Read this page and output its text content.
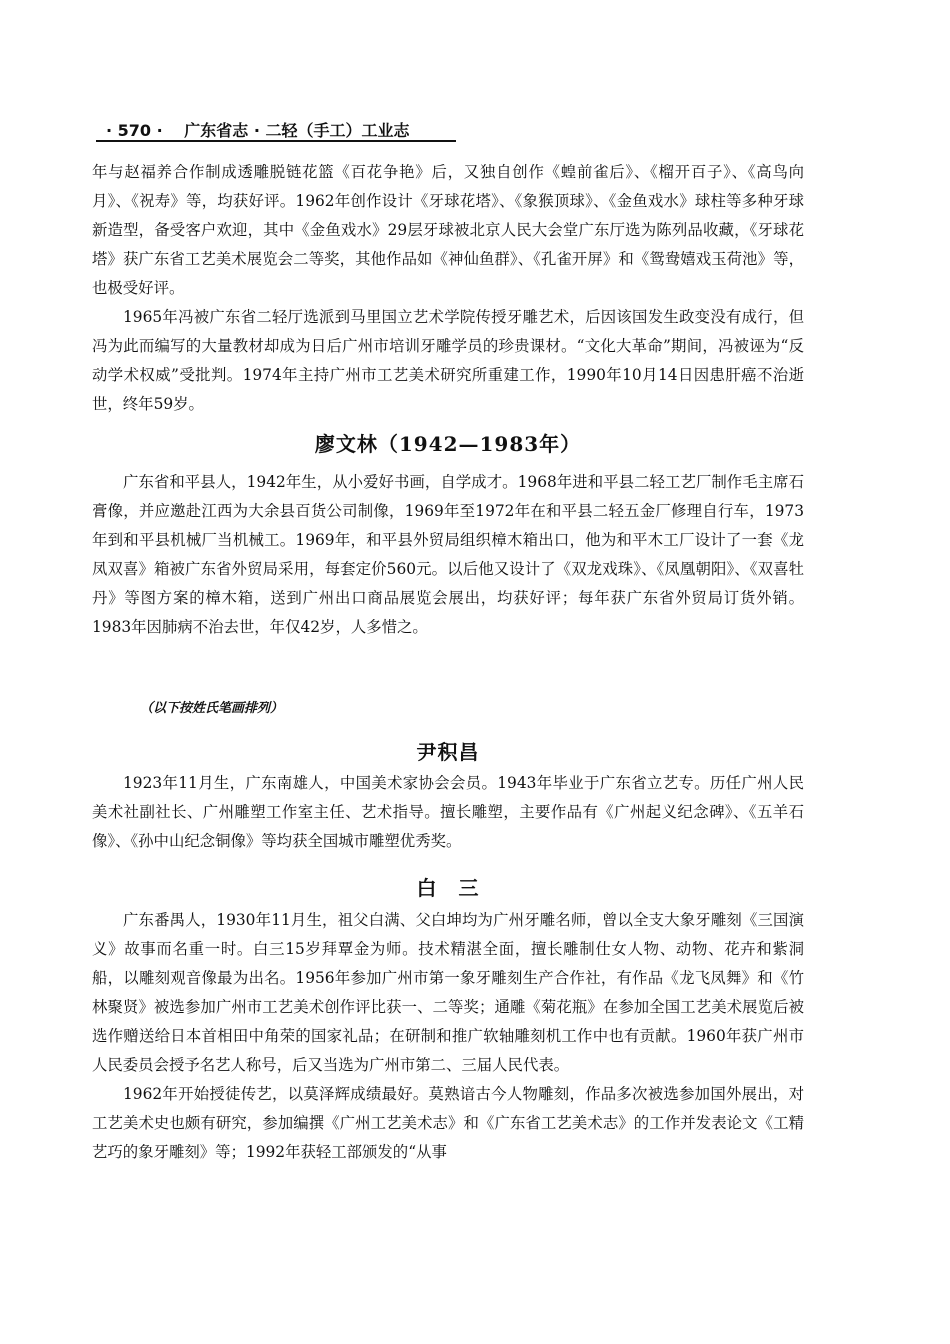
· 570 · 广东省志 · 二轻（手工）工业志

年与赵福养合作制成透雕脱链花篮《百花争艳》后，又独自创作《蝗前雀后》、《榴开百子》、《高鸟向月》、《祝寿》等，均获好评。1962年创作设计《牙球花塔》、《象猴顶球》、《金鱼戏水》球柱等多种牙球新造型，备受客户欢迎，其中《金鱼戏水》29层牙球被北京人民大会堂广东厅选为陈列品收藏，《牙球花塔》获广东省工艺美术展览会二等奖，其他作品如《神仙鱼群》、《孔雀开屏》和《鸳鸯嬉戏玉荷池》等，也极受好评。

1965年冯被广东省二轻厅选派到马里国立艺术学院传授牙雕艺术，后因该国发生政变没有成行，但冯为此而编写的大量教材却成为日后广州市培训牙雕学员的珍贵课材。“文化大革命”期间，冯被诬为“反动学术权威”受批判。1974年主持广州市工艺美术研究所重建工作，1990年10月14日因患肝癌不治逝世，终年59岁。

廖文林（1942—1983年）

广东省和平县人，1942年生，从小爱好书画，自学成才。1968年进和平县二轻工艺厂制作毛主席石膏像，并应邀赴江西为大余县百货公司制像，1969年至1972年在和平县二轻五金厂修理自行车，1973年到和平县机械厂当机械工。1969年，和平县外贸局组织樟木箱出口，他为和平木工厂设计了一套《龙凤双喜》箱被广东省外贸局采用，每套定价560元。以后他又设计了《双龙戏珠》、《凤凰朝阳》、《双喜牡丹》等图方案的樟木箱，送到广州出口商品展览会展出，均获好评；每年获广东省外贸局订货外销。1983年因肺病不治去世，年仅42岁，人多惜之。

（以下按姓氏笔画排列）
尹积昌

1923年11月生，广东南雄人，中国美术家协会会员。1943年毕业于广东省立艺专。历任广州人民美术社副社长、广州雕塑工作室主任、艺术指导。擅长雕塑，主要作品有《广州起义纪念碑》、《五羊石像》、《孙中山纪念铜像》等均获全国城市雕塑优秀奖。

白　三

广东番禺人，1930年11月生，祖父白满、父白坤均为广州牙雕名师，曾以全支大象牙雕刻《三国演义》故事而名重一时。白三15岁拜覃金为师。技术精湛全面，擅长雕制仕女人物、动物、花卉和紫洞船，以雕刻观音像最为出名。1956年参加广州市第一象牙雕刻生产合作社，有作品《龙飞凤舞》和《竹林聚贤》被选参加广州市工艺美术创作评比获一、二等奖；通雕《菊花瓶》在参加全国工艺美术展览后被选作赠送给日本首相田中角荣的国家礼品；在研制和推广软轴雕刻机工作中也有贡献。1960年获广州市人民委员会授予名艺人称号，后又当选为广州市第二、三届人民代表。

1962年开始授徒传艺，以莫泽辉成绩最好。莫熟谙古今人物雕刻，作品多次被选参加国外展出，对工艺美术史也颇有研究，参加编撰《广州工艺美术志》和《广东省工艺美术志》的工作并发表论文《工精艺巧的象牙雕刻》等；1992年获轻工部颁发的“从事
